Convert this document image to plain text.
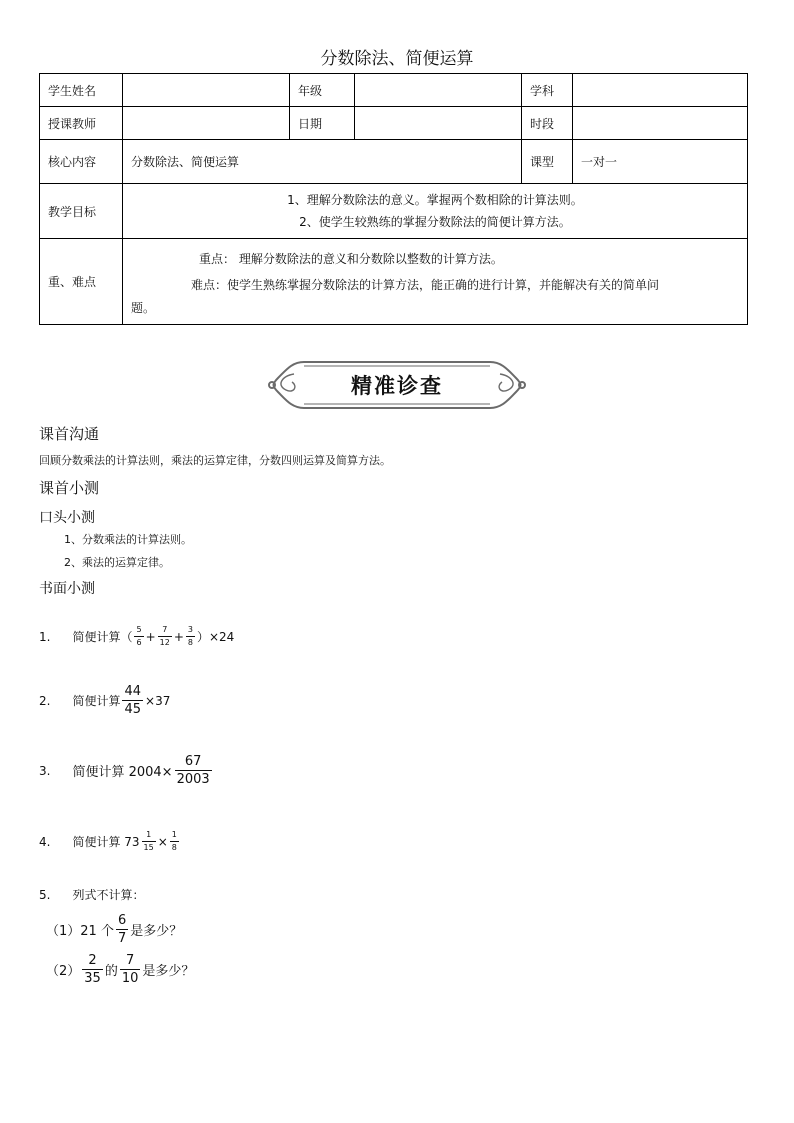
分数除法、简便运算
学生姓名		年级		学科	
授课教师		日期		时段	
核心内容	分数除法、简便运算			课型	一对一
教学目标	1、理解分数除法的意义。掌握两个数相除的计算法则。
2、使学生较熟练的掌握分数除法的简便计算方法。				

重、难点	重点： 理解分数除法的意义和分数除以整数的计算方法。
难点：使学生熟练掌握分数除法的计算方法，能正确的进行计算，并能解决有关的简单问
题。				
精准诊查
课首沟通
回顾分数乘法的计算法则，乘法的运算定律，分数四则运算及简算方法。
课首小测
口头小测
1、分数乘法的计算法则。
2、乘法的运算定律。
书面小测
1. 简便计算 （ $\frac{5}{6} + \frac{7}{12} + \frac{3}{8} )\times 24$
2. 简便计算 $\frac{44}{45} \times 37$
3. 简便计算 $2004\times \frac{67}{2003}$
4. 简便计算 $73 \frac{1}{15} \times \frac{1}{8}$
5. 列式不计算：
（1）21 个 $\frac{6}{7}$ 是多少？
$(2) \frac{2}{35}$ 的 $\frac{7}{10}$ 是多少？
